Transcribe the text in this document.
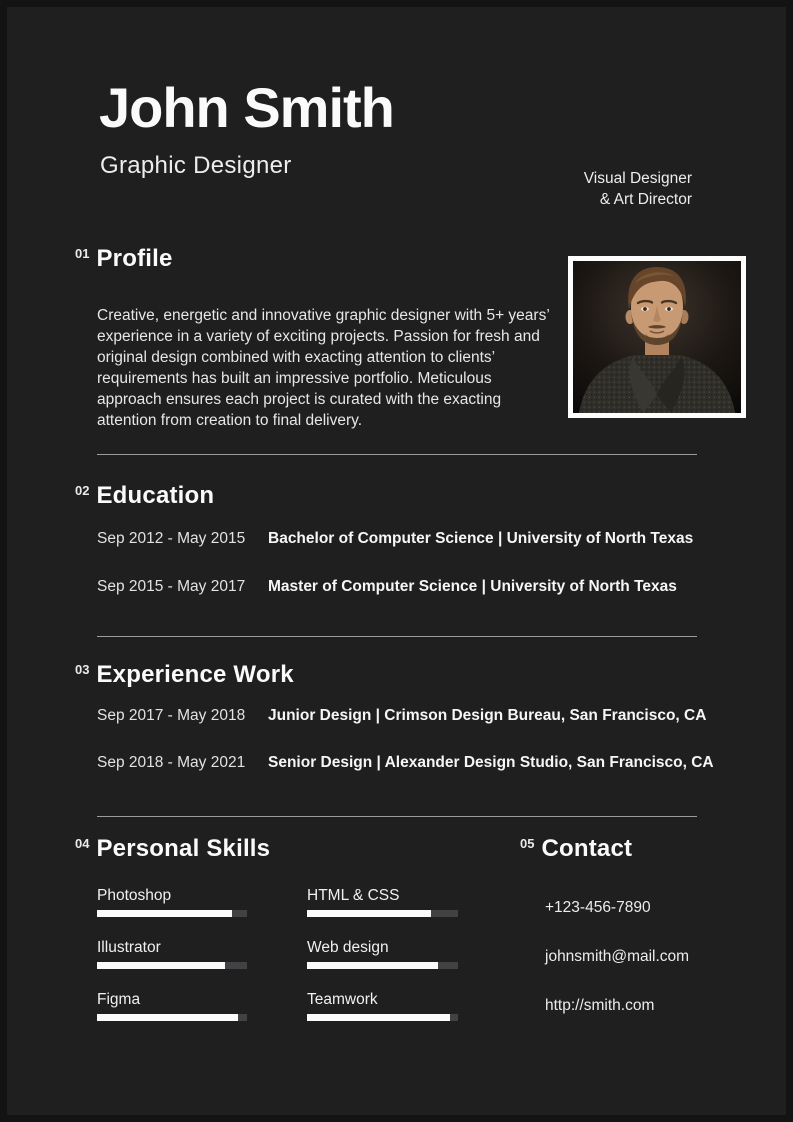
John Smith
Graphic Designer	Visual Designer
& Art Director
01 Profile

Creative, energetic and innovative graphic designer with 5+ years’ experience in a variety of exciting projects. Passion for fresh and original design combined with exacting attention to clients’ requirements has built an impressive portfolio. Meticulous approach ensures each project is curated with the exacting attention from creation to final delivery.

02 Education
Sep 2012 - May 2015	Bachelor of Computer Science | University of North Texas
Sep 2015 - May 2017	Master of Computer Science | University of North Texas
03 Experience Work
Sep 2017 - May 2018	Junior Design | Crimson Design Bureau, San Francisco, CA
Sep 2018 - May 2021	Senior Design | Alexander Design Studio, San Francisco, CA
04 Personal Skills
Photoshop	HTML & CSS
Illustrator	Web design
Figma	Teamwork
05 Contact
+123-456-7890
johnsmith@mail.com
http://smith.com
